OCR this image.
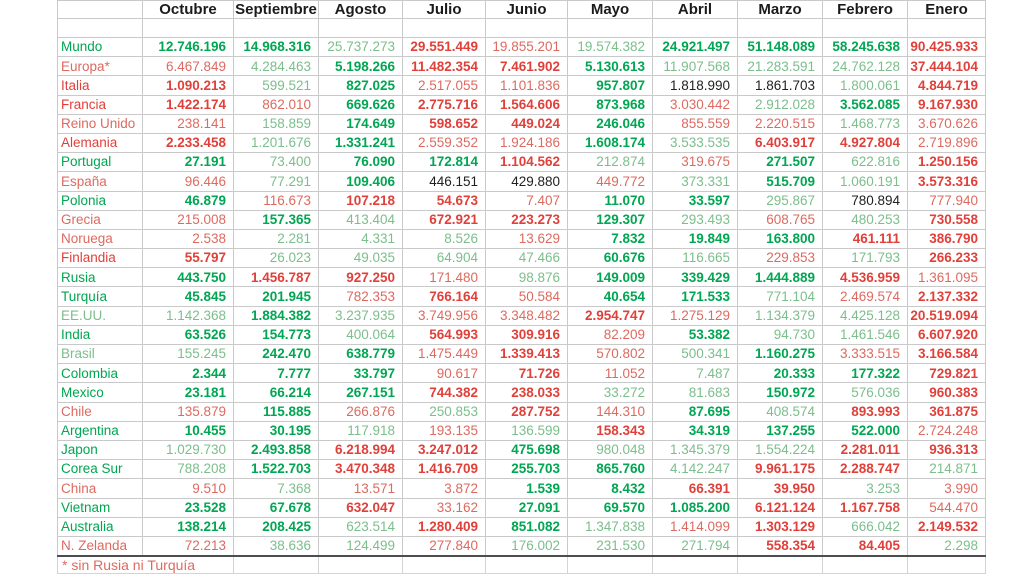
	Octubre	Septiembre	Agosto	Julio	Junio	Mayo	Abril	Marzo	Febrero	Enero

Mundo	12.746.196	14.968.316	25.737.273	29.551.449	19.855.201	19.574.382	24.921.497	51.148.089	58.245.638	90.425.933
Europa*	6.467.849	4.284.463	5.198.266	11.482.354	7.461.902	5.130.613	11.907.568	21.283.591	24.762.128	37.444.104
Italia	1.090.213	599.521	827.025	2.517.055	1.101.836	957.807	1.818.990	1.861.703	1.800.061	4.844.719
Francia	1.422.174	862.010	669.626	2.775.716	1.564.606	873.968	3.030.442	2.912.028	3.562.085	9.167.930
Reino Unido	238.141	158.859	174.649	598.652	449.024	246.046	855.559	2.220.515	1.468.773	3.670.626
Alemania	2.233.458	1.201.676	1.331.241	2.559.352	1.924.186	1.608.174	3.533.535	6.403.917	4.927.804	2.719.896
Portugal	27.191	73.400	76.090	172.814	1.104.562	212.874	319.675	271.507	622.816	1.250.156
España	96.446	77.291	109.406	446.151	429.880	449.772	373.331	515.709	1.060.191	3.573.316
Polonia	46.879	116.673	107.218	54.673	7.407	11.070	33.597	295.867	780.894	777.940
Grecia	215.008	157.365	413.404	672.921	223.273	129.307	293.493	608.765	480.253	730.558
Noruega	2.538	2.281	4.331	8.526	13.629	7.832	19.849	163.800	461.111	386.790
Finlandia	55.797	26.023	49.035	64.904	47.466	60.676	116.665	229.853	171.793	266.233
Rusia	443.750	1.456.787	927.250	171.480	98.876	149.009	339.429	1.444.889	4.536.959	1.361.095
Turquía	45.845	201.945	782.353	766.164	50.584	40.654	171.533	771.104	2.469.574	2.137.332
EE.UU.	1.142.368	1.884.382	3.237.935	3.749.956	3.348.482	2.954.747	1.275.129	1.134.379	4.425.128	20.519.094
India	63.526	154.773	400.064	564.993	309.916	82.209	53.382	94.730	1.461.546	6.607.920
Brasil	155.245	242.470	638.779	1.475.449	1.339.413	570.802	500.341	1.160.275	3.333.515	3.166.584
Colombia	2.344	7.777	33.797	90.617	71.726	11.052	7.487	20.333	177.322	729.821
Mexico	23.181	66.214	267.151	744.382	238.033	33.272	81.683	150.972	576.036	960.383
Chile	135.879	115.885	266.876	250.853	287.752	144.310	87.695	408.574	893.993	361.875
Argentina	10.455	30.195	117.918	193.135	136.599	158.343	34.319	137.255	522.000	2.724.248
Japon	1.029.730	2.493.858	6.218.994	3.247.012	475.698	980.048	1.345.379	1.554.224	2.281.011	936.313
Corea Sur	788.208	1.522.703	3.470.348	1.416.709	255.703	865.760	4.142.247	9.961.175	2.288.747	214.871
China	9.510	7.368	13.571	3.872	1.539	8.432	66.391	39.950	3.253	3.990
Vietnam	23.528	67.678	632.047	33.162	27.091	69.570	1.085.200	6.121.124	1.167.758	544.470
Australia	138.214	208.425	623.514	1.280.409	851.082	1.347.838	1.414.099	1.303.129	666.042	2.149.532
N. Zelanda	72.213	38.636	124.499	277.840	176.002	231.530	271.794	558.354	84.405	2.298
* sin Rusia ni Turquía										
